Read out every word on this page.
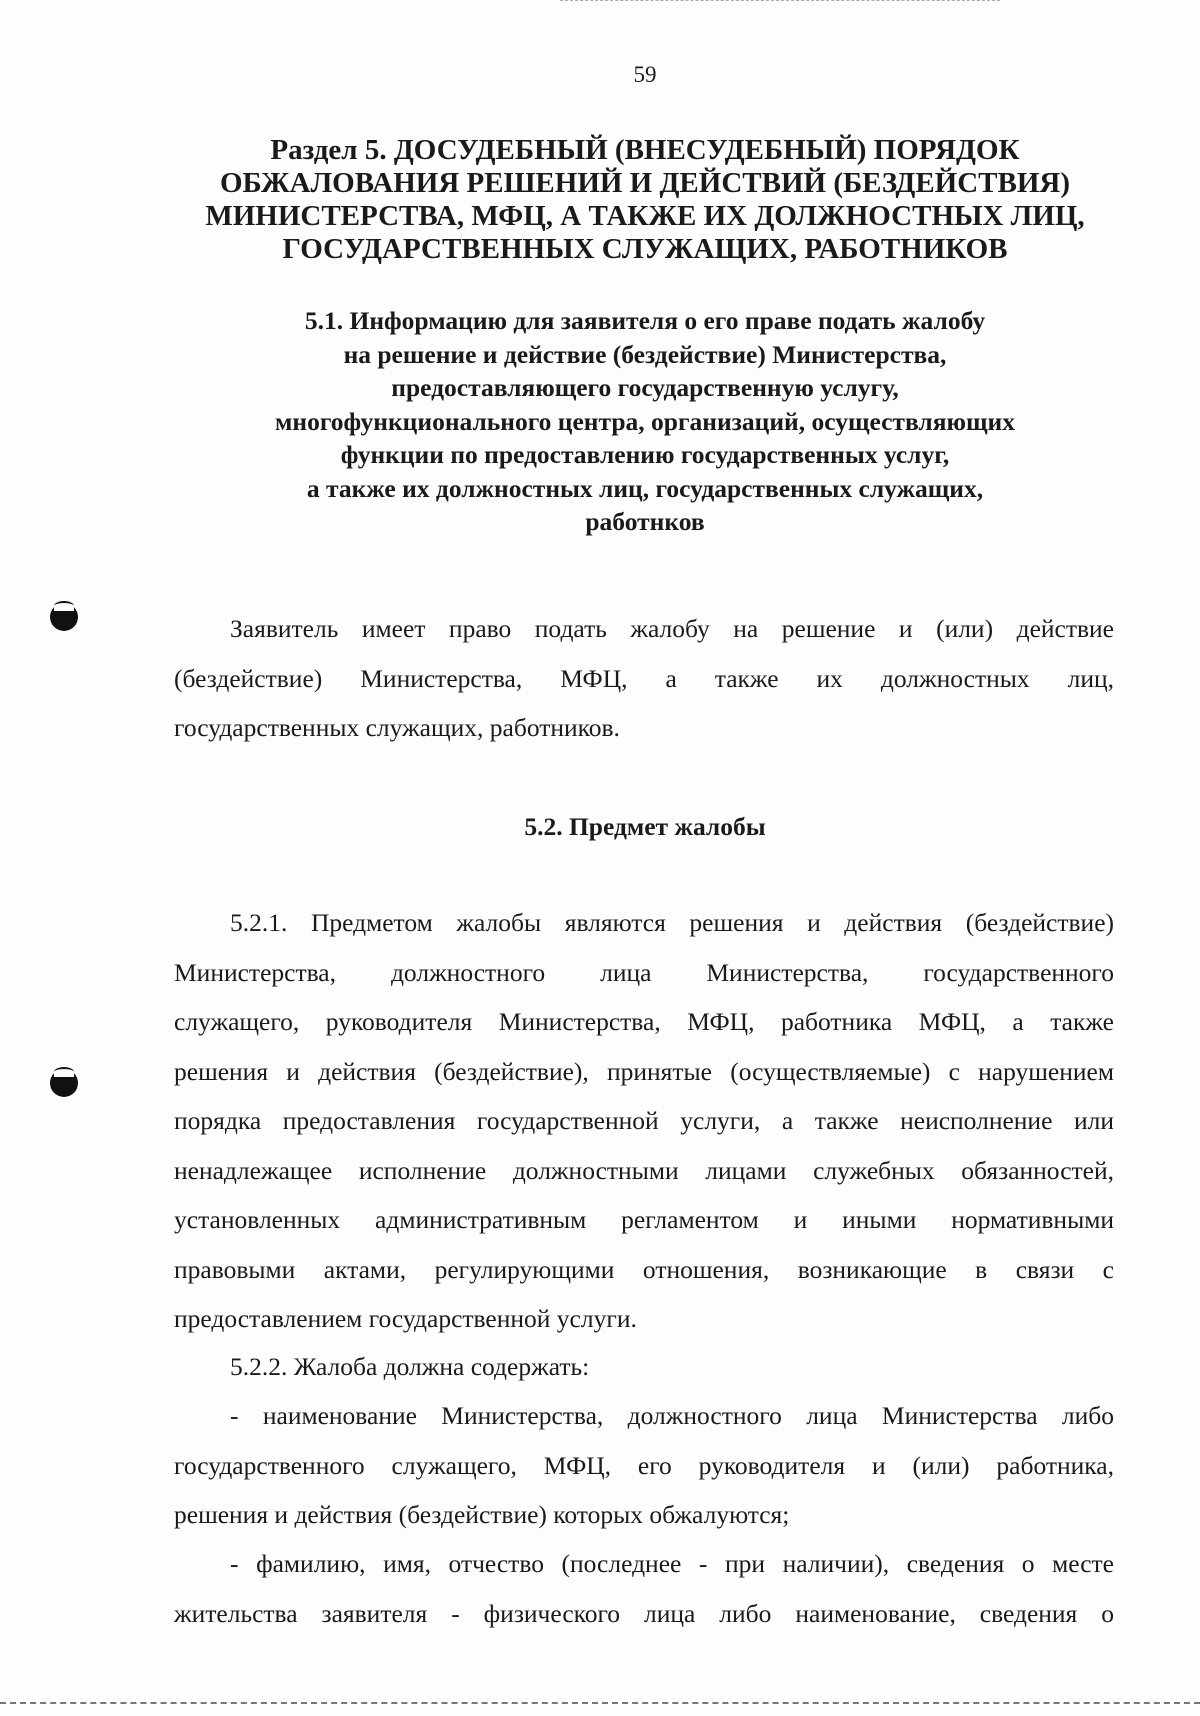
59

Раздел 5. ДОСУДЕБНЫЙ (ВНЕСУДЕБНЫЙ) ПОРЯДОК
ОБЖАЛОВАНИЯ РЕШЕНИЙ И ДЕЙСТВИЙ (БЕЗДЕЙСТВИЯ)
МИНИСТЕРСТВА, МФЦ, А ТАКЖЕ ИХ ДОЛЖНОСТНЫХ ЛИЦ,
ГОСУДАРСТВЕННЫХ СЛУЖАЩИХ, РАБОТНИКОВ
5.1. Информацию для заявителя о его праве подать жалобу
на решение и действие (бездействие) Министерства,
предоставляющего государственную услугу,
многофункционального центра, организаций, осуществляющих
функции по предоставлению государственных услуг,
а также их должностных лиц, государственных служащих,
работнков

Заявитель имеет право подать жалобу на решение и (или) действие
(бездействие) Министерства, МФЦ, а также их должностных лиц,
государственных служащих, работников.

5.2. Предмет жалобы

5.2.1. Предметом жалобы являются решения и действия (бездействие)
Министерства, должностного лица Министерства, государственного
служащего, руководителя Министерства, МФЦ, работника МФЦ, а также
решения и действия (бездействие), принятые (осуществляемые) с нарушением
порядка предоставления государственной услуги, а также неисполнение или
ненадлежащее исполнение должностными лицами служебных обязанностей,
установленных административным регламентом и иными нормативными
правовыми актами, регулирующими отношения, возникающие в связи с
предоставлением государственной услуги.

5.2.2. Жалоба должна содержать:

- наименование Министерства, должностного лица Министерства либо
государственного служащего, МФЦ, его руководителя и (или) работника,
решения и действия (бездействие) которых обжалуются;

- фамилию, имя, отчество (последнее - при наличии), сведения о месте
жительства заявителя - физического лица либо наименование, сведения о
